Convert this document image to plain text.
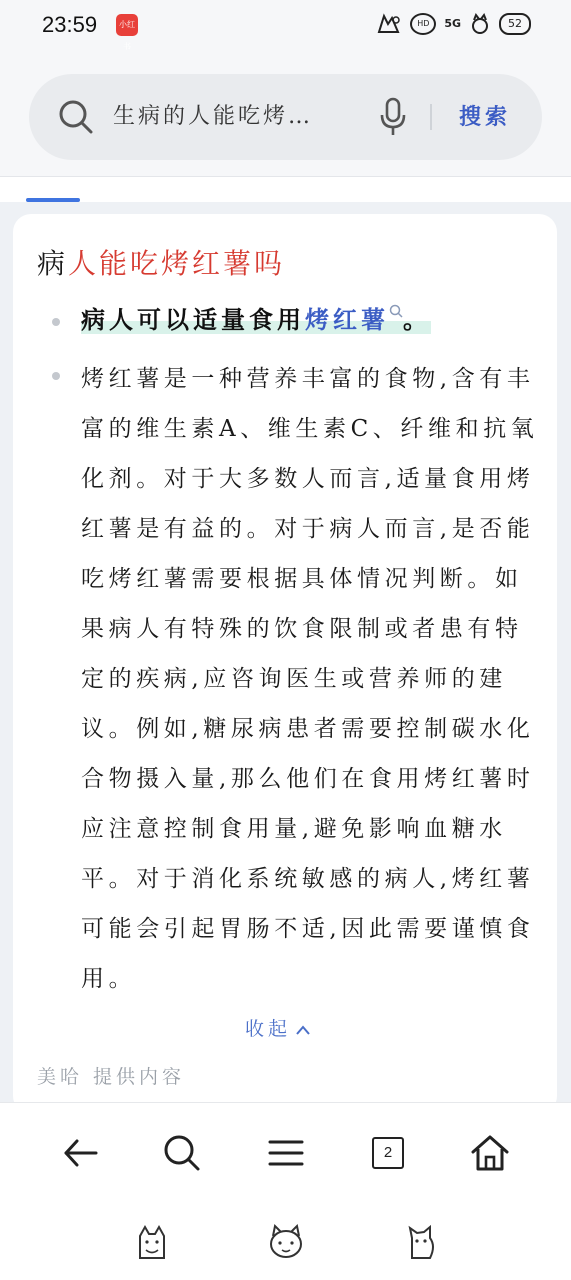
23:59	小红书
HD	5G	52
生病的人能吃烤…	搜索
病人能吃烤红薯吗
病人可以适量食用烤红薯 。
烤红薯是一种营养丰富的食物,含有丰富的维生素A、维生素C、纤维和抗氧化剂。对于大多数人而言,适量食用烤红薯是有益的。对于病人而言,是否能吃烤红薯需要根据具体情况判断。如果病人有特殊的饮食限制或者患有特定的疾病,应咨询医生或营养师的建议。例如,糖尿病患者需要控制碳水化合物摄入量,那么他们在食用烤红薯时应注意控制食用量,避免影响血糖水平。对于消化系统敏感的病人,烤红薯可能会引起胃肠不适,因此需要谨慎食用。
收起
美哈 提供内容
2
